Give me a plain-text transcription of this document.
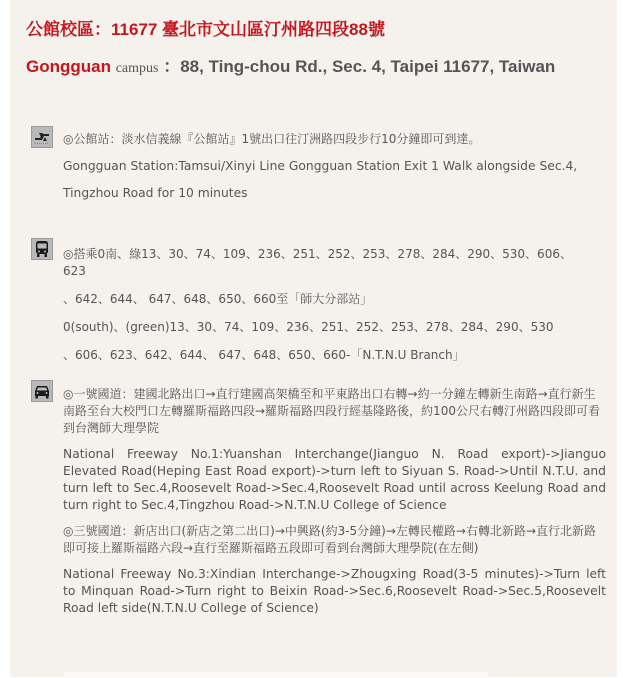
公館校區：11677 臺北市文山區汀州路四段88號
Gongguan campus ：88, Ting-chou Rd., Sec. 4, Taipei 11677, Taiwan

◎公館站：淡水信義線『公館站』1號出口往汀洲路四段步行10分鐘即可到達。

Gongguan Station:Tamsui/Xinyi Line Gongguan Station Exit 1 Walk alongside Sec.4,

Tingzhou Road for 10 minutes

◎搭乘0南、綠13、30、74、109、236、251、252、253、278、284、290、530、606、623

、642、644、 647、648、650、660至「師大分部站」

0(south)、(green)13、30、74、109、236、251、252、253、278、284、290、530

、606、623、642、644、 647、648、650、660-「N.T.N.U Branch」

◎一號國道：建國北路出口→直行建國高架橋至和平東路出口右轉→約一分鐘左轉新生南路→直行新生南路至台大校門口左轉羅斯福路四段→羅斯福路四段行經基隆路後，約100公尺右轉汀州路四段即可看到台灣師大理學院

National Freeway No.1:Yuanshan Interchange(Jianguo N. Road export)->Jianguo Elevated Road(Heping East Road export)->turn left to Siyuan S. Road->Until N.T.U. and turn left to Sec.4,Roosevelt Road->Sec.4,Roosevelt Road until across Keelung Road and turn right to Sec.4,Tingzhou Road->N.T.N.U College of Science

◎三號國道：新店出口(新店之第二出口)→中興路(約3-5分鐘)→左轉民權路→右轉北新路→直行北新路即可接上羅斯福路六段→直行至羅斯福路五段即可看到台灣師大理學院(在左側)

National Freeway No.3:Xindian Interchange->Zhougxing Road(3-5 minutes)->Turn left to Minquan Road->Turn right to Beixin Road->Sec.6,Roosevelt Road->Sec.5,Roosevelt Road left side(N.T.N.U College of Science)
